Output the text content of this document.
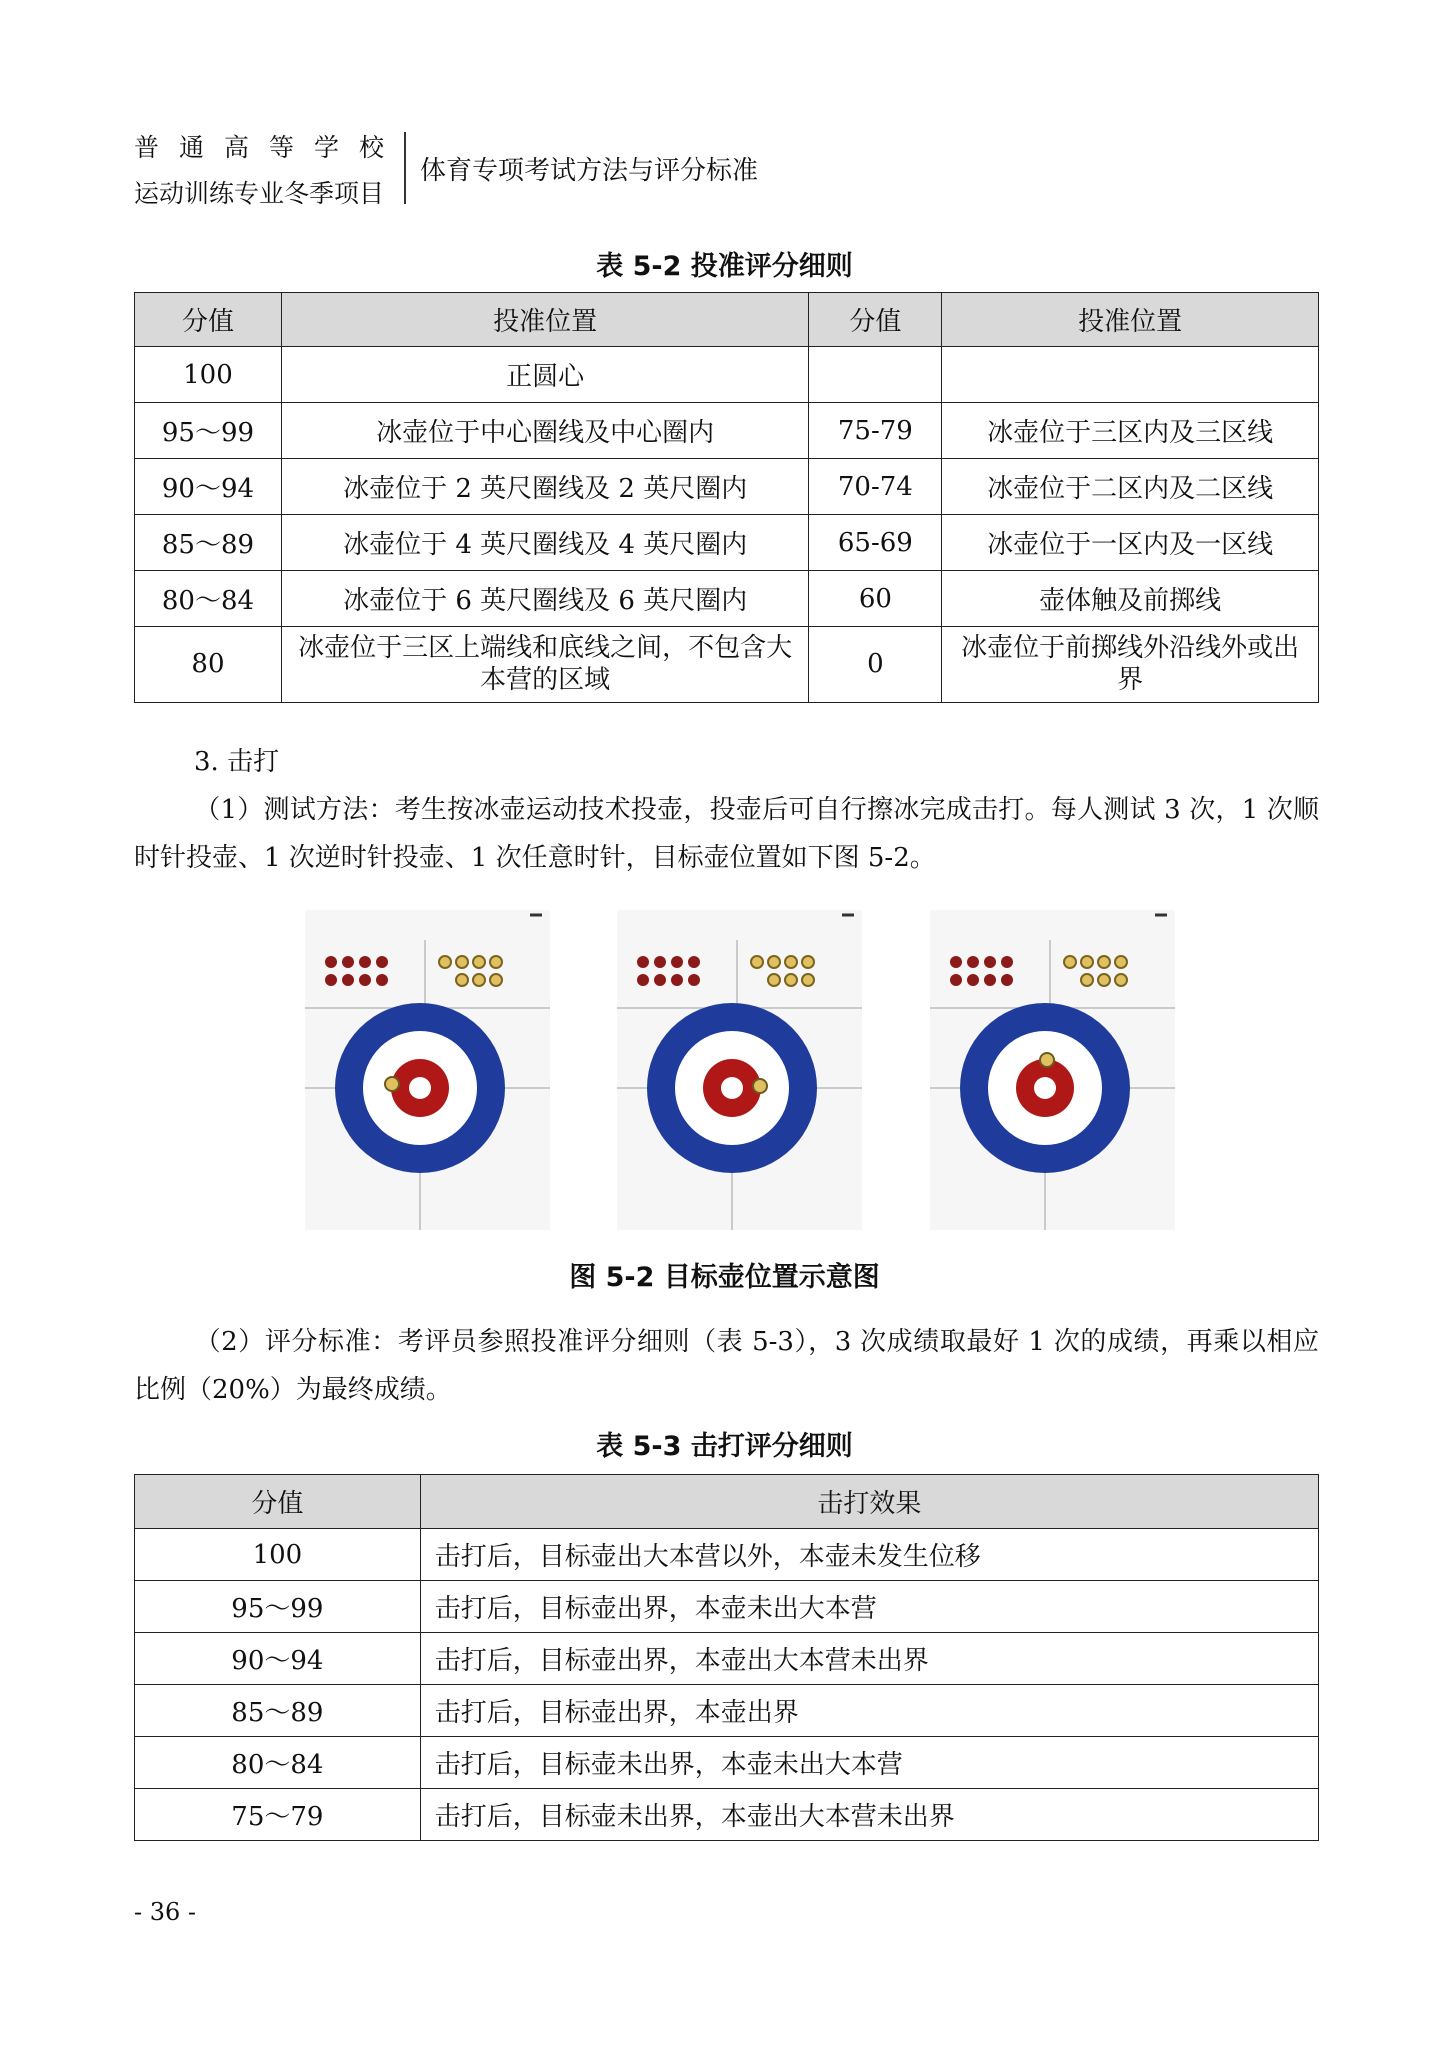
普通高等学校
运动训练专业冬季项目
体育专项考试方法与评分标准
表 5-2 投准评分细则
分值	投准位置	分值	投准位置
100	正圆心		
95～99	冰壶位于中心圈线及中心圈内	75-79	冰壶位于三区内及三区线
90～94	冰壶位于 2 英尺圈线及 2 英尺圈内	70-74	冰壶位于二区内及二区线
85～89	冰壶位于 4 英尺圈线及 4 英尺圈内	65-69	冰壶位于一区内及一区线
80～84	冰壶位于 6 英尺圈线及 6 英尺圈内	60	壶体触及前掷线
80	冰壶位于三区上端线和底线之间，不包含大本营的区域	0	冰壶位于前掷线外沿线外或出界
3. 击打
（1）测试方法：考生按冰壶运动技术投壶，投壶后可自行擦冰完成击打。每人测试 3 次，1 次顺时针投壶、1 次逆时针投壶、1 次任意时针，目标壶位置如下图 5-2。
图 5-2 目标壶位置示意图
（2）评分标准：考评员参照投准评分细则（表 5-3），3 次成绩取最好 1 次的成绩，再乘以相应比例（20%）为最终成绩。
表 5-3 击打评分细则
分值	击打效果
100	击打后，目标壶出大本营以外，本壶未发生位移
95～99	击打后，目标壶出界，本壶未出大本营
90～94	击打后，目标壶出界，本壶出大本营未出界
85～89	击打后，目标壶出界，本壶出界
80～84	击打后，目标壶未出界，本壶未出大本营
75～79	击打后，目标壶未出界，本壶出大本营未出界
- 36 -
